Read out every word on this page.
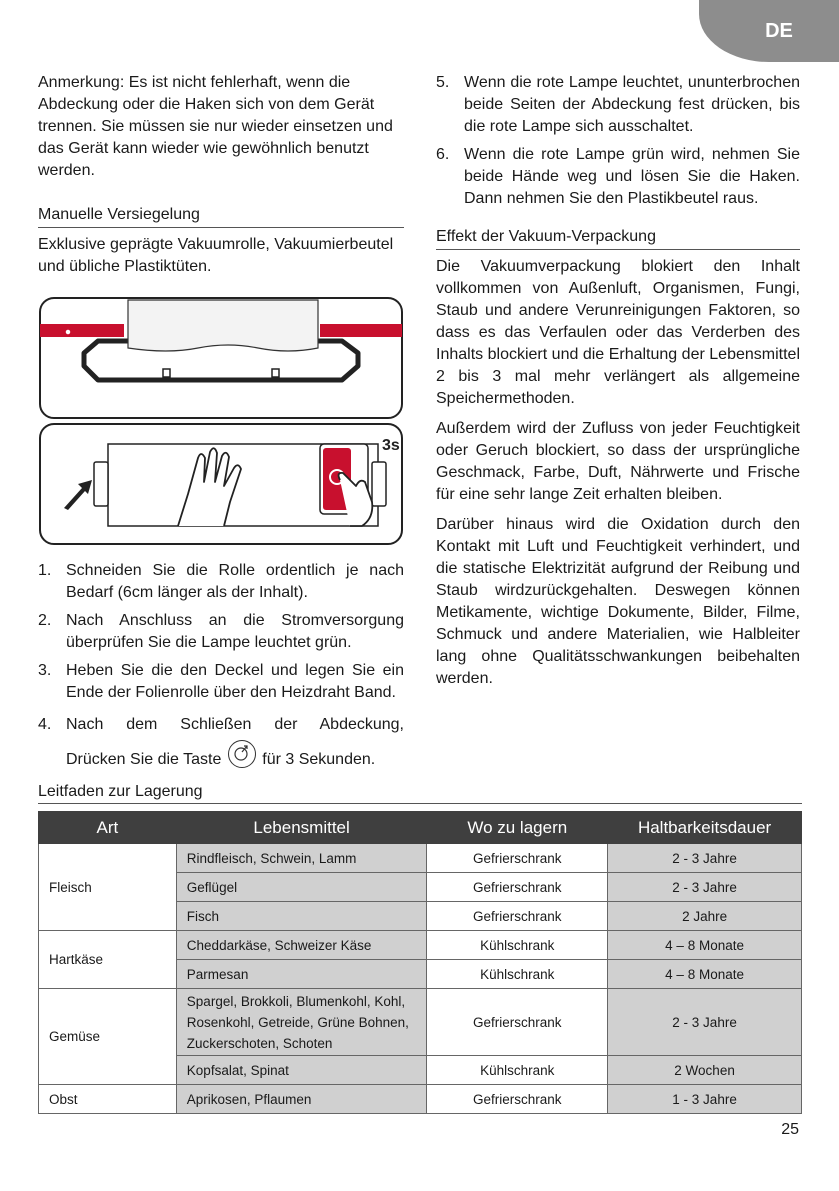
DE

Anmerkung: Es ist nicht fehlerhaft, wenn die Abdeckung oder die Haken sich von dem Gerät trennen. Sie müssen sie nur wieder einsetzen und das Gerät kann wieder wie gewöhnlich benutzt werden.

Manuelle Versiegelung

Exklusive geprägte Vakuumrolle, Vakuumierbeutel und übliche Plastiktüten.

3s
1. Schneiden Sie die Rolle ordentlich je nach Bedarf (6cm länger als der Inhalt).
2. Nach Anschluss an die Stromversorgung überprüfen Sie die Lampe leuchtet grün.
3. Heben Sie die den Deckel und legen Sie ein Ende der Folienrolle über den Heizdraht Band.
4. Nach dem Schließen der Abdeckung,
Drücken Sie die Taste	für 3 Sekunden.
5. Wenn die rote Lampe leuchtet, ununterbrochen beide Seiten der Abdeckung fest drücken, bis die rote Lampe sich ausschaltet.
6. Wenn die rote Lampe grün wird, nehmen Sie beide Hände weg und lösen Sie die Haken. Dann nehmen Sie den Plastikbeutel raus.
Effekt der Vakuum-Verpackung

Die Vakuumverpackung blokiert den Inhalt vollkommen von Außenluft, Organismen, Fungi, Staub und andere Verunreinigungen Faktoren, so dass es das Verfaulen oder das Verderben des Inhalts blockiert und die Erhaltung der Lebensmittel 2 bis 3 mal mehr verlängert als allgemeine Speichermethoden.

Außerdem wird der Zufluss von jeder Feuchtigkeit oder Geruch blockiert, so dass der ursprüngliche Geschmack, Farbe, Duft, Nährwerte und Frische für eine sehr lange Zeit erhalten bleiben.

Darüber hinaus wird die Oxidation durch den Kontakt mit Luft und Feuchtigkeit verhindert, und die statische Elektrizität aufgrund der Reibung und Staub wirdzurückgehalten. Deswegen können Metikamente, wichtige Dokumente, Bilder, Filme, Schmuck und andere Materialien, wie Halbleiter lang ohne Qualitätsschwankungen beibehalten werden.

Leitfaden zur Lagerung
Art	Lebensmittel	Wo zu lagern	Haltbarkeitsdauer
Fleisch	Rindfleisch, Schwein, Lamm	Gefrierschrank	2 - 3 Jahre
	Geflügel	Gefrierschrank	2 - 3 Jahre
	Fisch	Gefrierschrank	2 Jahre
Hartkäse	Cheddarkäse, Schweizer Käse	Kühlschrank	4 – 8 Monate
	Parmesan	Kühlschrank	4 – 8 Monate
Gemüse	Spargel, Brokkoli, Blumenkohl, Kohl, Rosenkohl, Getreide, Grüne Bohnen, Zuckerschoten, Schoten	Gefrierschrank	2 - 3 Jahre
	Kopfsalat, Spinat	Kühlschrank	2 Wochen
Obst	Aprikosen, Pflaumen	Gefrierschrank	1 - 3 Jahre
25
